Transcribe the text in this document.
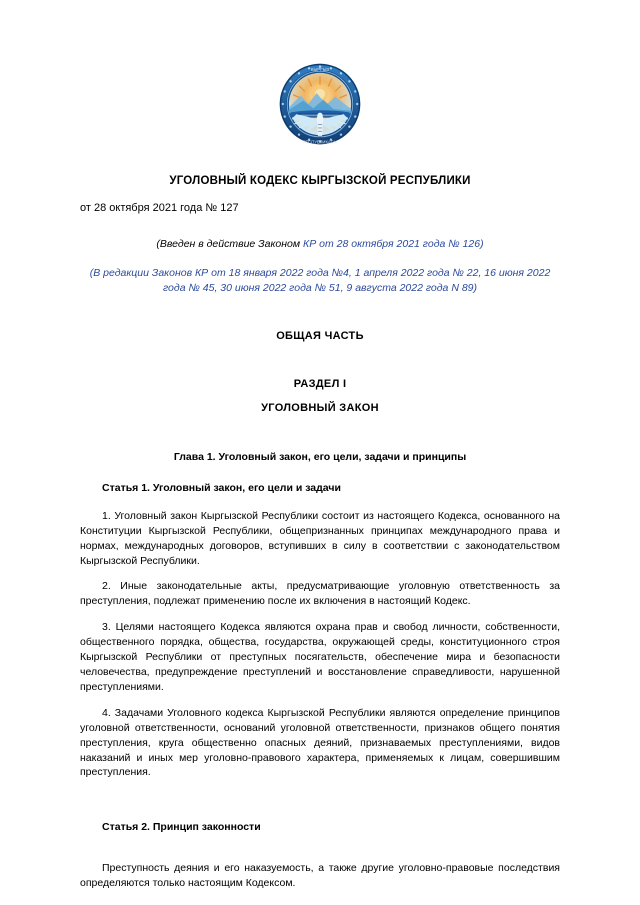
КЫРГЫЗ
РЕСПУБЛИКАСЫ
УГОЛОВНЫЙ КОДЕКС КЫРГЫЗСКОЙ РЕСПУБЛИКИ
от 28 октября 2021 года № 127
(Введен в действие Законом КР от 28 октября 2021 года № 126)
(В редакции Законов КР от 18 января 2022 года №4, 1 апреля 2022 года № 22, 16 июня 2022 года № 45, 30 июня 2022 года № 51, 9 августа 2022 года N 89)
ОБЩАЯ ЧАСТЬ
РАЗДЕЛ I
УГОЛОВНЫЙ ЗАКОН
Глава 1. Уголовный закон, его цели, задачи и принципы
Статья 1. Уголовный закон, его цели и задачи

1. Уголовный закон Кыргызской Республики состоит из настоящего Кодекса, основанного на Конституции Кыргызской Республики, общепризнанных принципах международного права и нормах, международных договоров, вступивших в силу в соответствии с законодательством Кыргызской Республики.

2. Иные законодательные акты, предусматривающие уголовную ответственность за преступления, подлежат применению после их включения в настоящий Кодекс.

3. Целями настоящего Кодекса являются охрана прав и свобод личности, собственности, общественного порядка, общества, государства, окружающей среды, конституционного строя Кыргызской Республики от преступных посягательств, обеспечение мира и безопасности человечества, предупреждение преступлений и восстановление справедливости, нарушенной преступлениями.

4. Задачами Уголовного кодекса Кыргызской Республики являются определение принципов уголовной ответственности, оснований уголовной ответственности, признаков общего понятия преступления, круга общественно опасных деяний, признаваемых преступлениями, видов наказаний и иных мер уголовно-правового характера, применяемых к лицам, совершившим преступления.

Статья 2. Принцип законности

Преступность деяния и его наказуемость, а также другие уголовно-правовые последствия определяются только настоящим Кодексом.
